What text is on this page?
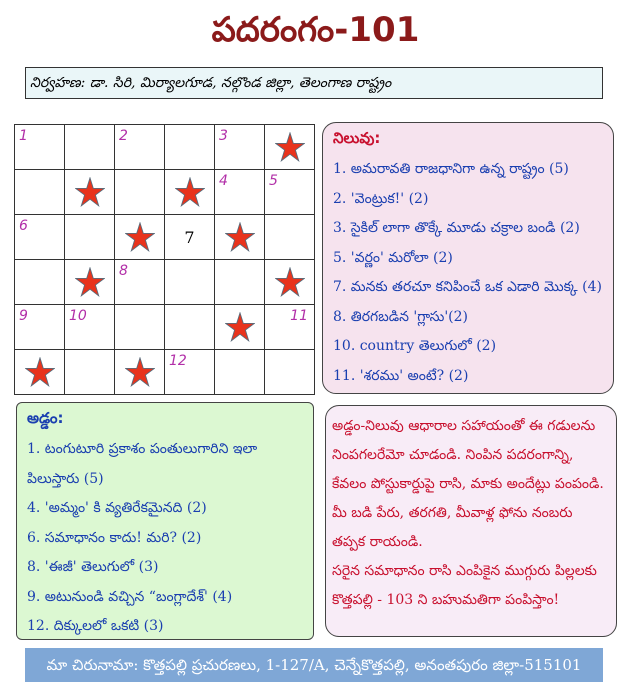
పదరంగం-101
నిర్వహణ: డా. సిరి, మిర్యాలగూడ, నల్గొండ జిల్లా, తెలంగాణ రాష్ట్రం
1		2		3

4	5

6			7

8

9	10				11

12		

నిలువు:
1. అమరావతి రాజధానిగా ఉన్న రాష్ట్రం (5)
2. 'వెంట్రుక!' (2)
3. సైకిల్ లాగా తొక్కే మూడు చక్రాల బండి (2)
5. 'వర్ణం' మరోలా (2)
7. మనకు తరచూ కనిపించే ఒక ఎడారి మొక్క (4)
8. తిరగబడిన 'గ్లాసు'(2)
10. country తెలుగులో (2)
11. 'శరము' అంటే? (2)
అడ్డం:
1. టంగుటూరి ప్రకాశం పంతులుగారిని ఇలా పిలుస్తారు (5)
4. 'అమ్మం' కి వ్యతిరేకమైనది (2)
6. సమాధానం కాదు! మరి? (2)
8. 'ఈజీ' తెలుగులో (3)
9. అటునుండి వచ్చిన “బంగ్లాదేశ్' (4)
12. దిక్కులలో ఒకటి (3)
అడ్డం-నిలువు ఆధారాల సహాయంతో ఈ గడులను నింపగలరేమో చూడండి. నింపిన పదరంగాన్ని, కేవలం పోస్టుకార్డుపై రాసి, మాకు అందేట్లు పంపండి. మీ బడి పేరు, తరగతి, మీవాళ్ల ఫోను నంబరు తప్పక రాయండి.
సరైన సమాధానం రాసి ఎంపికైన ముగ్గురు పిల్లలకు కొత్తపల్లి - 103 ని బహుమతిగా పంపిస్తాం!
మా చిరునామా: కొత్తపల్లి ప్రచురణలు, 1-127/A, చెన్నేకొత్తపల్లి, అనంతపురం జిల్లా-515101
